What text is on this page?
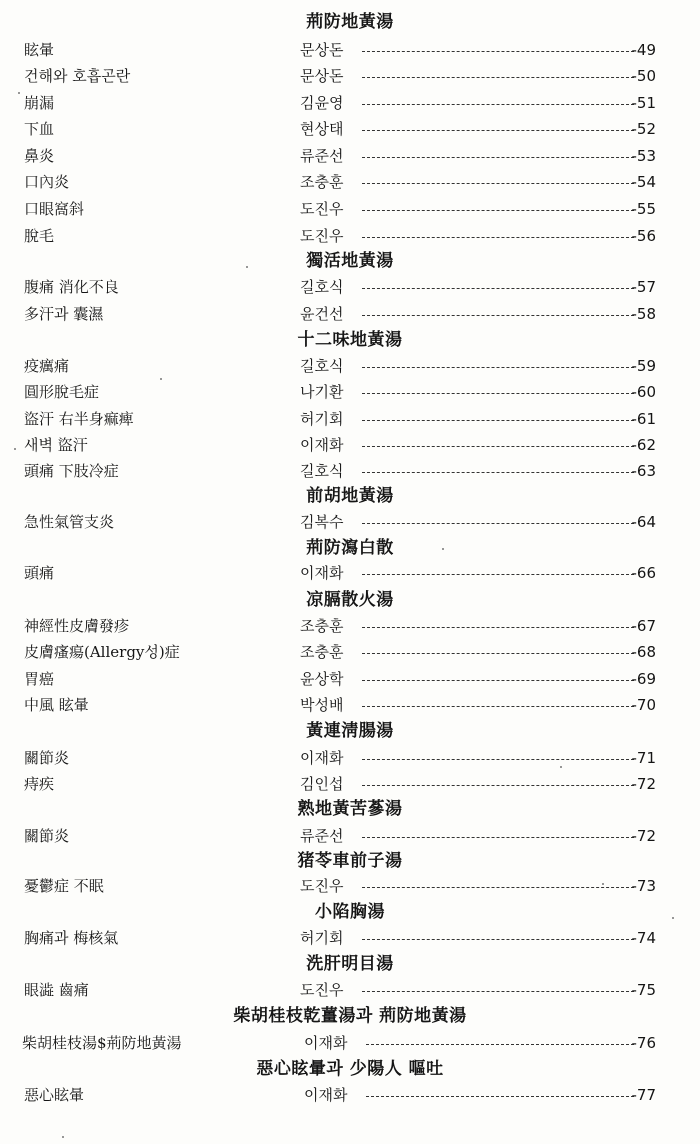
荊防地黃湯
眩暈	문상돈	-49
건해와 호흡곤란	문상돈	-50
崩漏	김윤영	-51
下血	현상태	-52
鼻炎	류준선	-53
口內炎	조충훈	-54
口眼窩斜	도진우	-55
脫毛	도진우	-56
獨活地黃湯
腹痛 消化不良	길호식	-57
多汗과 囊濕	윤건선	-58
十二味地黃湯
疫癘痛	길호식	-59
圓形脫毛症	나기환	-60
盜汗 右半身痲痺	허기회	-61
새벽 盜汗	이재화	-62
頭痛 下肢冷症	길호식	-63
前胡地黃湯
急性氣管支炎	김복수	-64
荊防瀉白散
頭痛	이재화	-66
凉膈散火湯
神經性皮膚發疹	조충훈	-67
皮膚瘙瘍(Allergy성)症	조충훈	-68
胃癌	윤상학	-69
中風 眩暈	박성배	-70
黃連淸腸湯
關節炎	이재화	-71
痔疾	김인섭	-72
熟地黃苦蔘湯
關節炎	류준선	-72
猪苓車前子湯
憂鬱症 不眠	도진우	-73
小陷胸湯
胸痛과 梅核氣	허기회	-74
洗肝明目湯
眼澁 齒痛	도진우	-75
柴胡桂枝乾薑湯과 荊防地黃湯
柴胡桂枝湯$荊防地黃湯	이재화	-76
惡心眩暈과 少陽人 嘔吐
惡心眩暈	이재화	-77
